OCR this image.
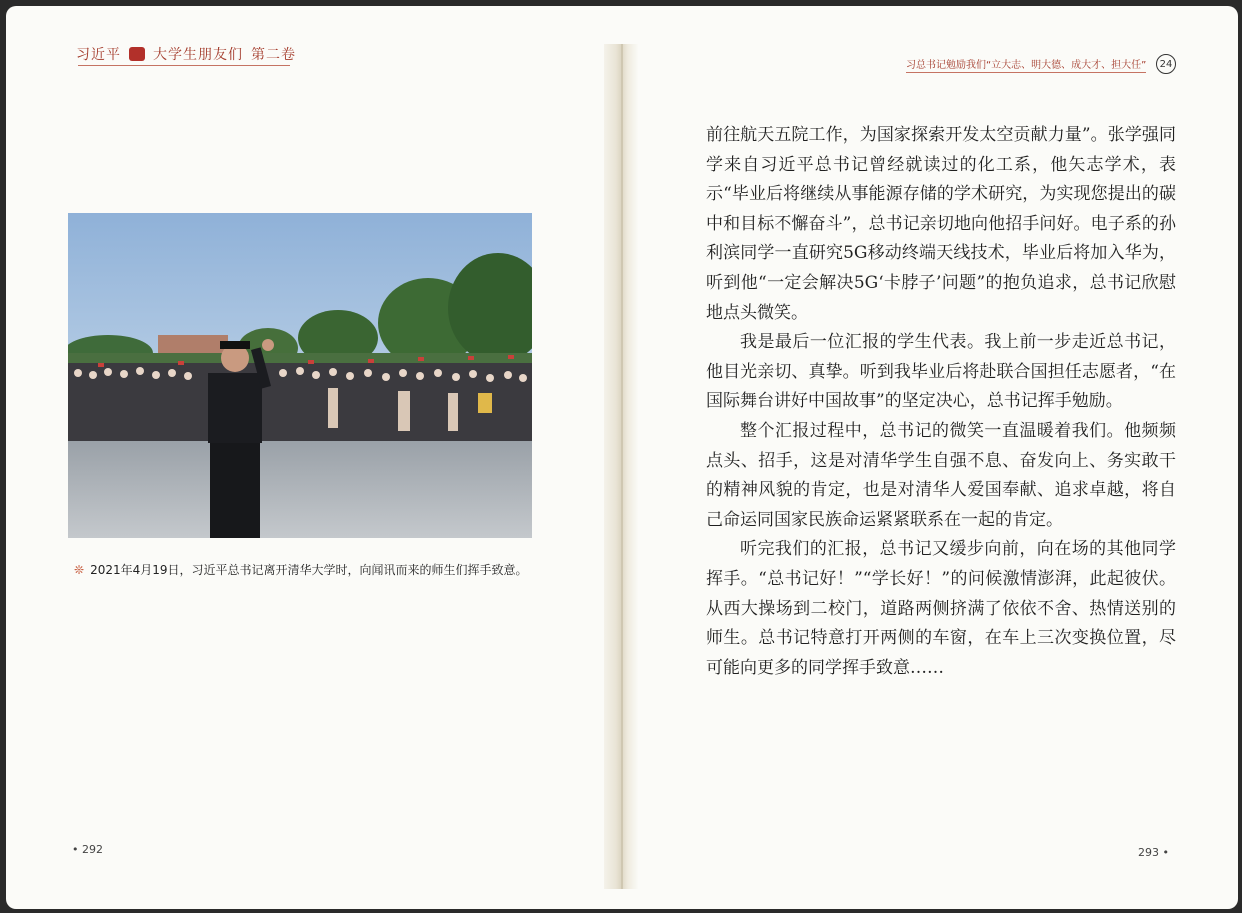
习近平 大学生朋友们 第二卷
❊ 2021年4月19日，习近平总书记离开清华大学时，向闻讯而来的师生们挥手致意。
• 292
习总书记勉励我们“立大志、明大德、成大才、担大任”	24

前往航天五院工作，为国家探索开发太空贡献力量”。张学强同学来自习近平总书记曾经就读过的化工系，他矢志学术，表示“毕业后将继续从事能源存储的学术研究，为实现您提出的碳中和目标不懈奋斗”，总书记亲切地向他招手问好。电子系的孙利滨同学一直研究5G移动终端天线技术，毕业后将加入华为，听到他“一定会解决5G‘卡脖子’问题”的抱负追求，总书记欣慰地点头微笑。

我是最后一位汇报的学生代表。我上前一步走近总书记，他目光亲切、真挚。听到我毕业后将赴联合国担任志愿者，“在国际舞台讲好中国故事”的坚定决心，总书记挥手勉励。

整个汇报过程中，总书记的微笑一直温暖着我们。他频频点头、招手，这是对清华学生自强不息、奋发向上、务实敢干的精神风貌的肯定，也是对清华人爱国奉献、追求卓越，将自己命运同国家民族命运紧紧联系在一起的肯定。

听完我们的汇报，总书记又缓步向前，向在场的其他同学挥手。“总书记好！”“学长好！”的问候激情澎湃，此起彼伏。从西大操场到二校门，道路两侧挤满了依依不舍、热情送别的师生。总书记特意打开两侧的车窗，在车上三次变换位置，尽可能向更多的同学挥手致意……

293 •
